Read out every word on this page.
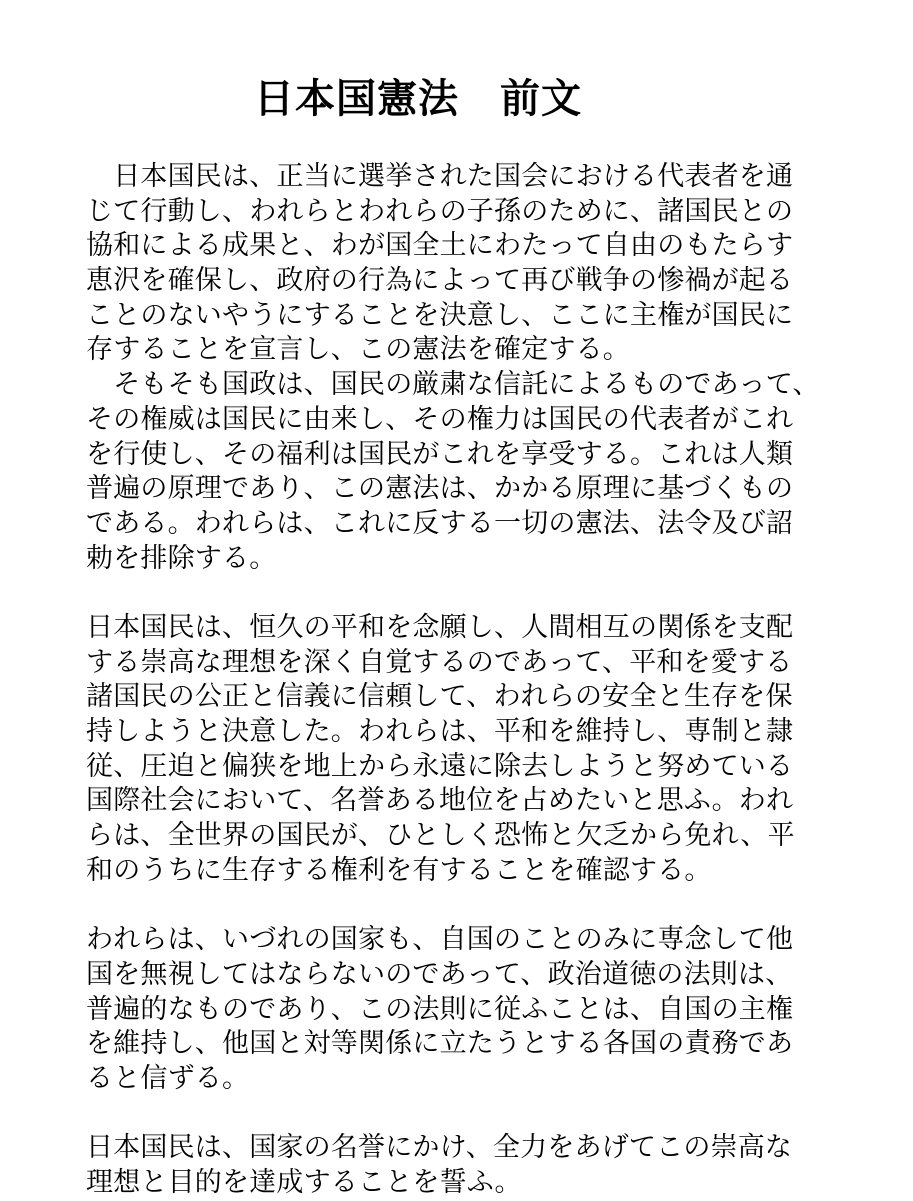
日本国憲法　前文
　日本国民は、正当に選挙された国会における代表者を通
じて行動し、われらとわれらの子孫のために、諸国民との
協和による成果と、わが国全土にわたって自由のもたらす
恵沢を確保し、政府の行為によって再び戦争の惨禍が起る
ことのないやうにすることを決意し、ここに主権が国民に
存することを宣言し、この憲法を確定する。
　そもそも国政は、国民の厳粛な信託によるものであって、
その権威は国民に由来し、その権力は国民の代表者がこれ
を行使し、その福利は国民がこれを享受する。これは人類
普遍の原理であり、この憲法は、かかる原理に基づくもの
である。われらは、これに反する一切の憲法、法令及び詔
勅を排除する。
日本国民は、恒久の平和を念願し、人間相互の関係を支配
する崇高な理想を深く自覚するのであって、平和を愛する
諸国民の公正と信義に信頼して、われらの安全と生存を保
持しようと決意した。われらは、平和を維持し、専制と隷
従、圧迫と偏狭を地上から永遠に除去しようと努めている
国際社会において、名誉ある地位を占めたいと思ふ。われ
らは、全世界の国民が、ひとしく恐怖と欠乏から免れ、平
和のうちに生存する権利を有することを確認する。
われらは、いづれの国家も、自国のことのみに専念して他
国を無視してはならないのであって、政治道徳の法則は、
普遍的なものであり、この法則に従ふことは、自国の主権
を維持し、他国と対等関係に立たうとする各国の責務であ
ると信ずる。
日本国民は、国家の名誉にかけ、全力をあげてこの崇高な
理想と目的を達成することを誓ふ。
